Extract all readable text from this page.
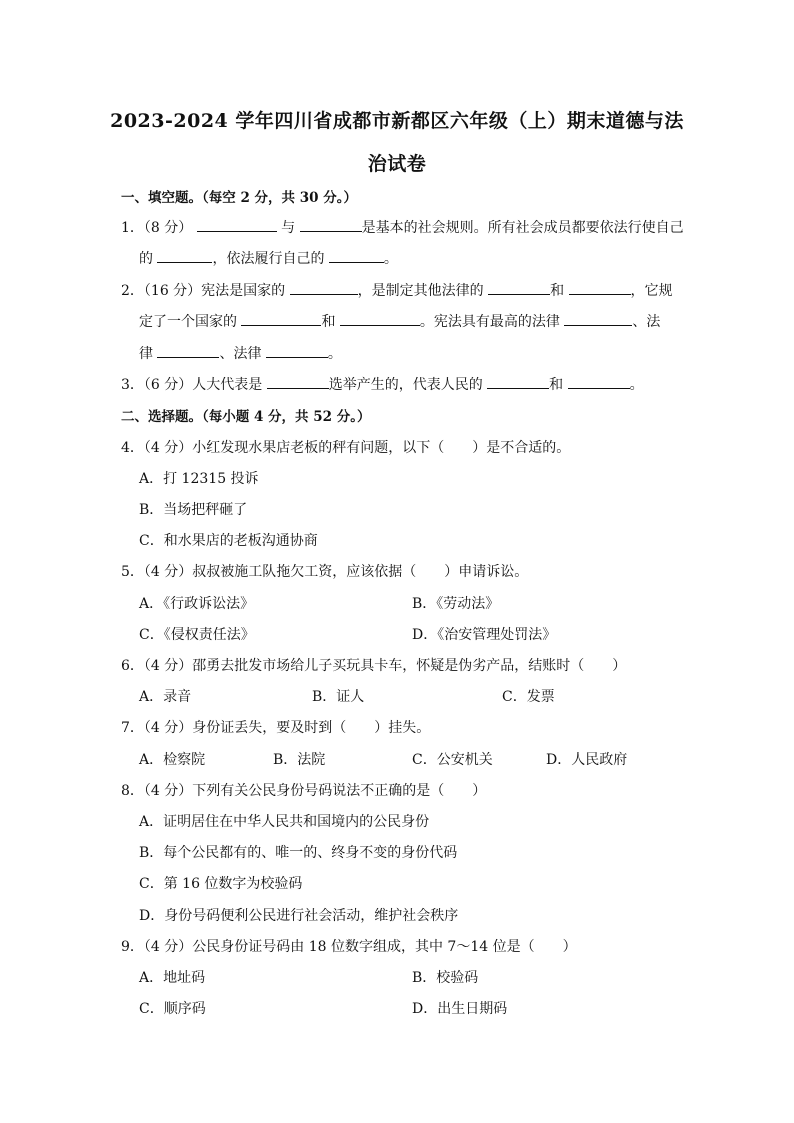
2023-2024 学年四川省成都市新都区六年级（上）期末道德与法
治试卷
一、填空题。（每空 2 分，共 30 分。）
1．（8 分）	与	是基本的社会规则。所有社会成员都要依法行使自己
的	，依法履行自己的	。
2．（16 分）宪法是国家的	，是制定其他法律的	和	，它规
定了一个国家的	和	。宪法具有最高的法律	、法
律	、法律	。
3．（6 分）人大代表是	选举产生的，代表人民的	和	。
二、选择题。（每小题 4 分，共 52 分。）
4．（4 分）小红发现水果店老板的秤有问题，以下（　　）是不合适的。
A．打 12315 投诉
B．当场把秤砸了
C．和水果店的老板沟通协商
5．（4 分）叔叔被施工队拖欠工资，应该依据（　　）申请诉讼。
A．《行政诉讼法》	B．《劳动法》
C．《侵权责任法》	D．《治安管理处罚法》
6．（4 分）邵勇去批发市场给儿子买玩具卡车，怀疑是伪劣产品，结账时（　　）
A．录音	B．证人	C．发票
7．（4 分）身份证丢失，要及时到（　　）挂失。
A．检察院	B．法院	C．公安机关	D．人民政府
8．（4 分）下列有关公民身份号码说法不正确的是（　　）
A．证明居住在中华人民共和国境内的公民身份
B．每个公民都有的、唯一的、终身不变的身份代码
C．第 16 位数字为校验码
D．身份号码便利公民进行社会活动，维护社会秩序
9．（4 分）公民身份证号码由 18 位数字组成，其中 7～14 位是（　　）
A．地址码	B．校验码
C．顺序码	D．出生日期码
